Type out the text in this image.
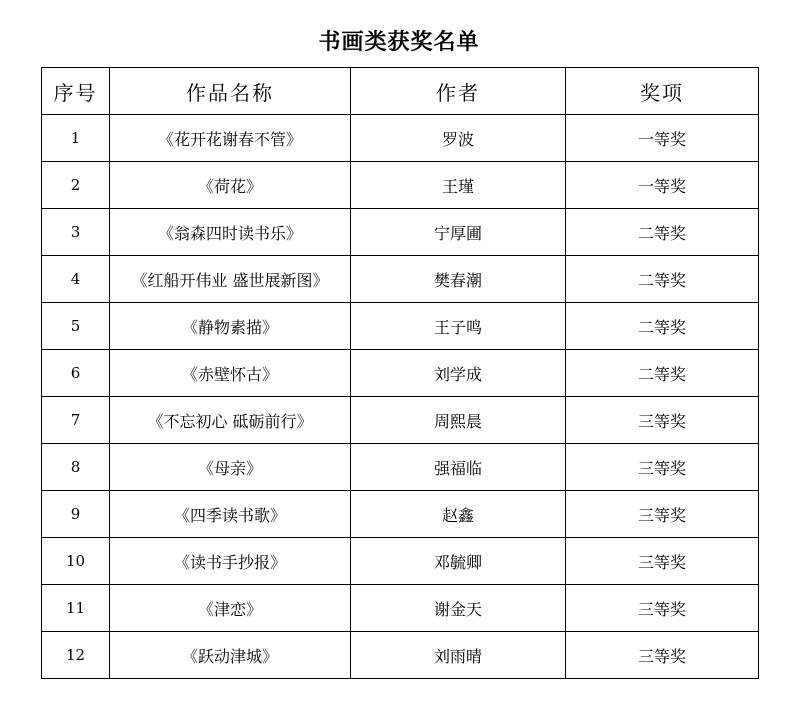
书画类获奖名单
序号	作品名称	作者	奖项
1	《花开花谢春不管》	罗波	一等奖
2	《荷花》	王瑾	一等奖
3	《翁森四时读书乐》	宁厚圃	二等奖
4	《红船开伟业 盛世展新图》	樊春潮	二等奖
5	《静物素描》	王子鸣	二等奖
6	《赤壁怀古》	刘学成	二等奖
7	《不忘初心 砥砺前行》	周熙晨	三等奖
8	《母亲》	强福临	三等奖
9	《四季读书歌》	赵鑫	三等奖
10	《读书手抄报》	邓毓卿	三等奖
11	《津恋》	谢金天	三等奖
12	《跃动津城》	刘雨晴	三等奖
